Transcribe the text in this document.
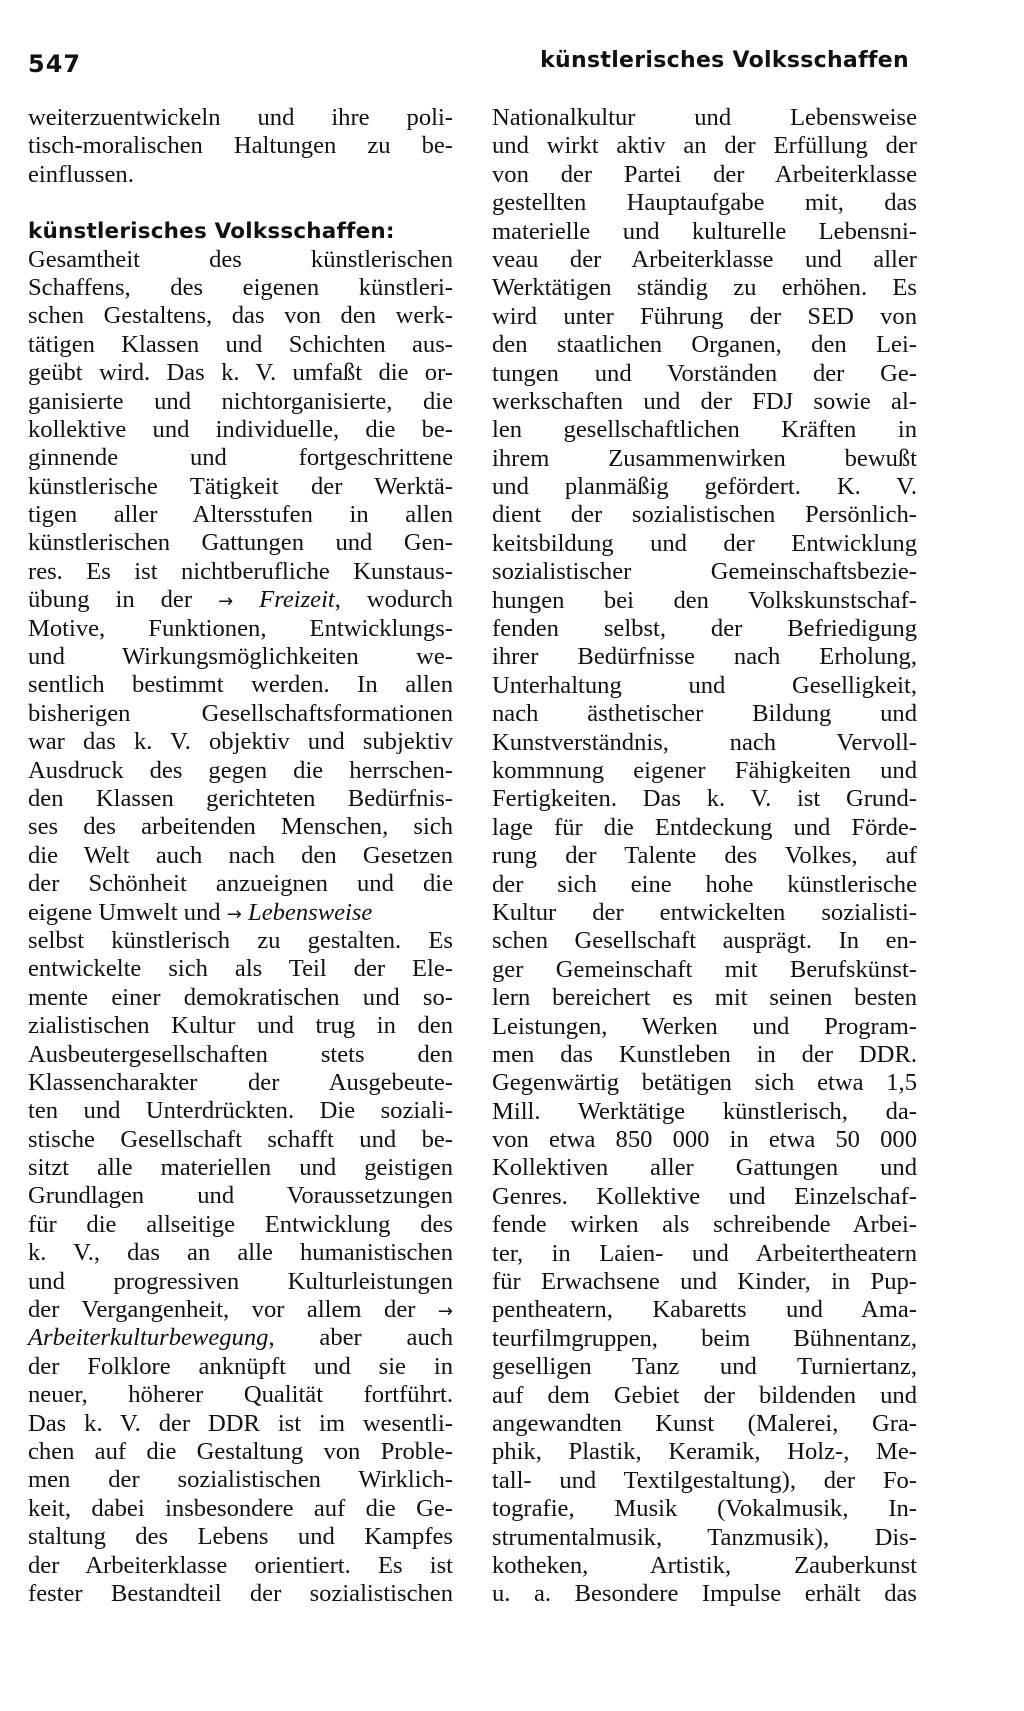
547	künstlerisches Volksschaffen
weiterzuentwickeln und ihre poli-
tisch-moralischen Haltungen zu be-
einflussen.
künstlerisches Volksschaffen:
Gesamtheit des künstlerischen
Schaffens, des eigenen künstleri-
schen Gestaltens, das von den werk-
tätigen Klassen und Schichten aus-
geübt wird. Das k. V. umfaßt die or-
ganisierte und nichtorganisierte, die
kollektive und individuelle, die be-
ginnende und fortgeschrittene
künstlerische Tätigkeit der Werktä-
tigen aller Altersstufen in allen
künstlerischen Gattungen und Gen-
res. Es ist nichtberufliche Kunstaus-
übung in der → Freizeit, wodurch
Motive, Funktionen, Entwicklungs-
und Wirkungsmöglichkeiten we-
sentlich bestimmt werden. In allen
bisherigen Gesellschaftsformationen
war das k. V. objektiv und subjektiv
Ausdruck des gegen die herrschen-
den Klassen gerichteten Bedürfnis-
ses des arbeitenden Menschen, sich
die Welt auch nach den Gesetzen
der Schönheit anzueignen und die
eigene Umwelt und → Lebensweise
selbst künstlerisch zu gestalten. Es
entwickelte sich als Teil der Ele-
mente einer demokratischen und so-
zialistischen Kultur und trug in den
Ausbeutergesellschaften stets den
Klassencharakter der Ausgebeute-
ten und Unterdrückten. Die soziali-
stische Gesellschaft schafft und be-
sitzt alle materiellen und geistigen
Grundlagen und Voraussetzungen
für die allseitige Entwicklung des
k. V., das an alle humanistischen
und progressiven Kulturleistungen
der Vergangenheit, vor allem der →
Arbeiterkulturbewegung, aber auch
der Folklore anknüpft und sie in
neuer, höherer Qualität fortführt.
Das k. V. der DDR ist im wesentli-
chen auf die Gestaltung von Proble-
men der sozialistischen Wirklich-
keit, dabei insbesondere auf die Ge-
staltung des Lebens und Kampfes
der Arbeiterklasse orientiert. Es ist
fester Bestandteil der sozialistischen
Nationalkultur und Lebensweise
und wirkt aktiv an der Erfüllung der
von der Partei der Arbeiterklasse
gestellten Hauptaufgabe mit, das
materielle und kulturelle Lebensni-
veau der Arbeiterklasse und aller
Werktätigen ständig zu erhöhen. Es
wird unter Führung der SED von
den staatlichen Organen, den Lei-
tungen und Vorständen der Ge-
werkschaften und der FDJ sowie al-
len gesellschaftlichen Kräften in
ihrem Zusammenwirken bewußt
und planmäßig gefördert. K. V.
dient der sozialistischen Persönlich-
keitsbildung und der Entwicklung
sozialistischer Gemeinschaftsbezie-
hungen bei den Volkskunstschaf-
fenden selbst, der Befriedigung
ihrer Bedürfnisse nach Erholung,
Unterhaltung und Geselligkeit,
nach ästhetischer Bildung und
Kunstverständnis, nach Vervoll-
kommnung eigener Fähigkeiten und
Fertigkeiten. Das k. V. ist Grund-
lage für die Entdeckung und Förde-
rung der Talente des Volkes, auf
der sich eine hohe künstlerische
Kultur der entwickelten sozialisti-
schen Gesellschaft ausprägt. In en-
ger Gemeinschaft mit Berufskünst-
lern bereichert es mit seinen besten
Leistungen, Werken und Program-
men das Kunstleben in der DDR.
Gegenwärtig betätigen sich etwa 1,5
Mill. Werktätige künstlerisch, da-
von etwa 850 000 in etwa 50 000
Kollektiven aller Gattungen und
Genres. Kollektive und Einzelschaf-
fende wirken als schreibende Arbei-
ter, in Laien- und Arbeitertheatern
für Erwachsene und Kinder, in Pup-
pentheatern, Kabaretts und Ama-
teurfilmgruppen, beim Bühnentanz,
geselligen Tanz und Turniertanz,
auf dem Gebiet der bildenden und
angewandten Kunst (Malerei, Gra-
phik, Plastik, Keramik, Holz-, Me-
tall- und Textilgestaltung), der Fo-
tografie, Musik (Vokalmusik, In-
strumentalmusik, Tanzmusik), Dis-
kotheken, Artistik, Zauberkunst
u. a. Besondere Impulse erhält das
